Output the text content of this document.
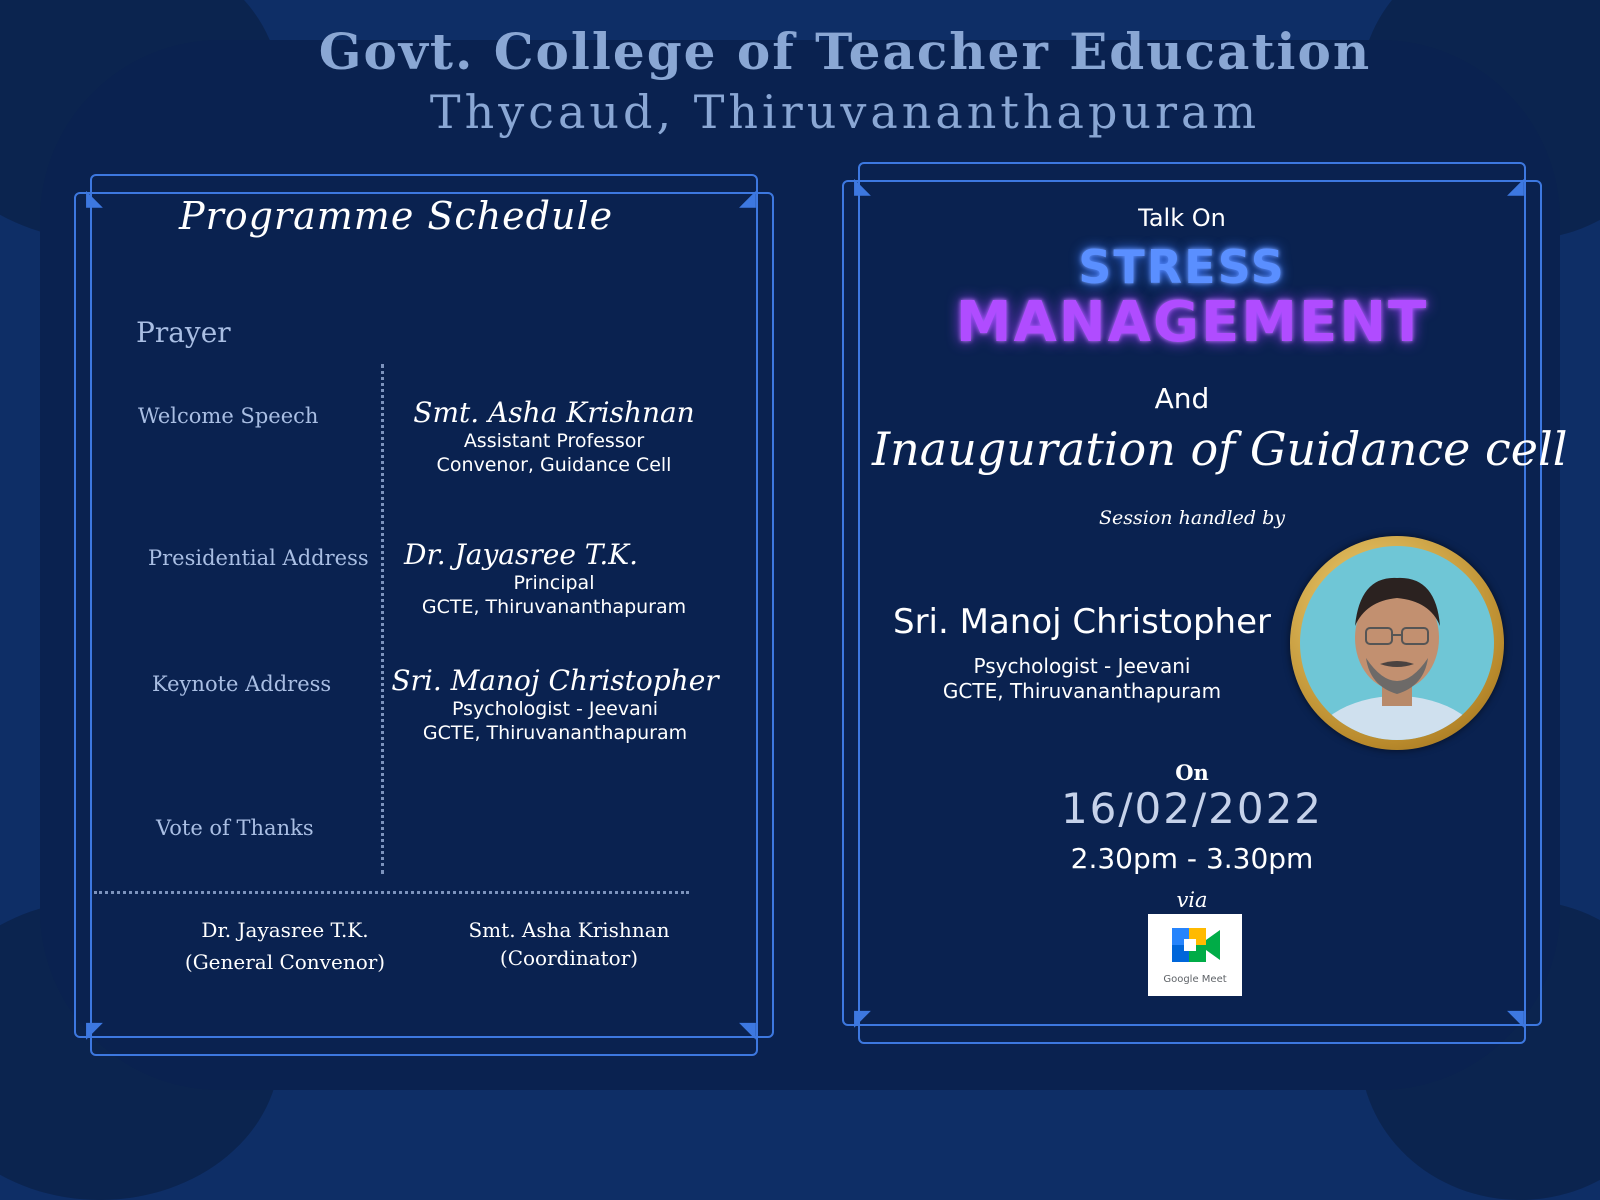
Govt. College of Teacher Education
Thycaud, Thiruvananthapuram
◣	◢
◤	◥
Programme Schedule
Prayer
Welcome Speech	Smt. Asha Krishnan
Assistant Professor
Convenor, Guidance Cell
Presidential Address	Dr. Jayasree T.K.
Principal
GCTE, Thiruvananthapuram
Keynote Address Sri. Manoj Christopher
Psychologist - Jeevani
GCTE, Thiruvananthapuram
Vote of Thanks
Dr. Jayasree T.K.
(General Convenor)
Smt. Asha Krishnan
(Coordinator)
◣	◢
◤	◥
Talk On
STRESS
MANAGEMENT
And
Inauguration of Guidance cell
Session handled by
Sri. Manoj Christopher
Psychologist - Jeevani
GCTE, Thiruvananthapuram
On
16/02/2022
2.30pm - 3.30pm
via
Google Meet
